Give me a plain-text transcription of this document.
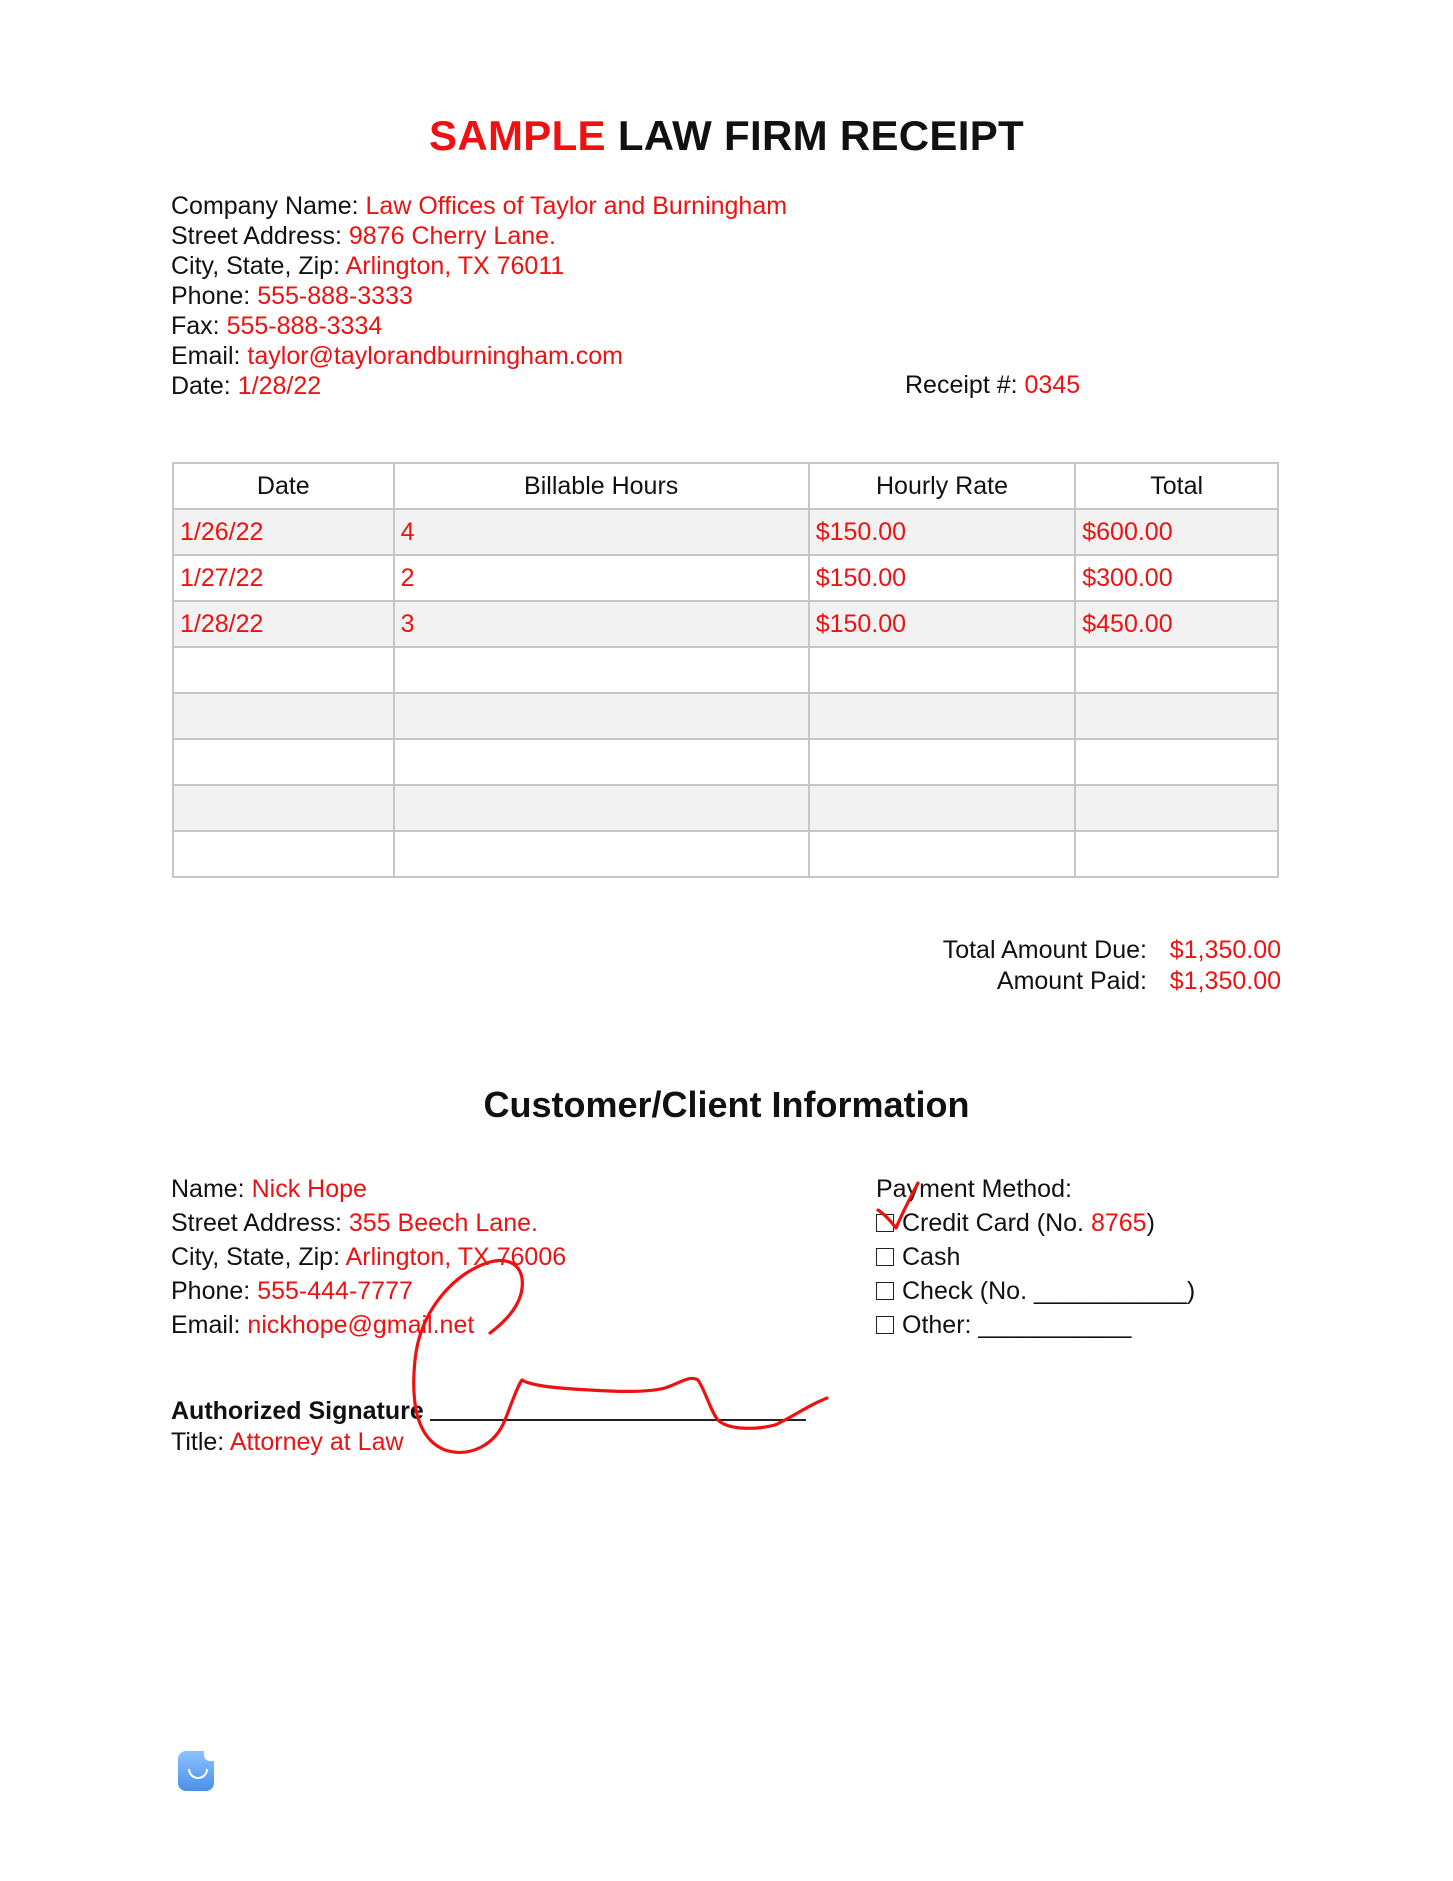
SAMPLE LAW FIRM RECEIPT
Company Name: Law Offices of Taylor and Burningham
Street Address: 9876 Cherry Lane.
City, State, Zip: Arlington, TX 76011
Phone: 555-888-3333
Fax: 555-888-3334
Email: taylor@taylorandburningham.com
Date: 1/28/22	Receipt #: 0345
Date	Billable Hours	Hourly Rate	Total
1/26/22	4	$150.00	$600.00
1/27/22	2	$150.00	$300.00
1/28/22	3	$150.00	$450.00

Total Amount Due: $1,350.00
Amount Paid: $1,350.00
Customer/Client Information
Name: Nick Hope
Street Address: 355 Beech Lane.
City, State, Zip: Arlington, TX 76006
Phone: 555-444-7777
Email: nickhope@gmail.net
Payment Method:
Credit Card (No. 8765)
Cash
Check (No. ___________)
Other: ___________
Authorized Signature
Title: Attorney at Law
